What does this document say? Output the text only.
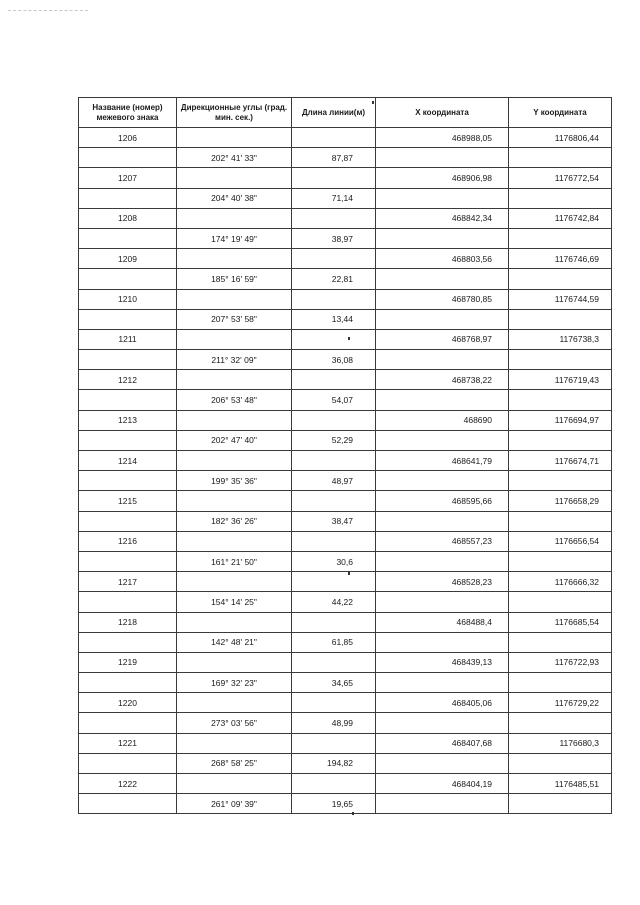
Название (номер) межевого знака	Дирекционные углы (град. мин. сек.)	Длина линии(м)	X координата	Y координата
1206			468988,05	1176806,44
	202° 41' 33"	87,87		
1207			468906,98	1176772,54
	204° 40' 38"	71,14		
1208			468842,34	1176742,84
	174° 19' 49"	38,97		
1209			468803,56	1176746,69
	185° 16' 59"	22,81		
1210			468780,85	1176744,59
	207° 53' 58"	13,44		
1211			468768,97	1176738,3
	211° 32' 09"	36,08		
1212			468738,22	1176719,43
	206° 53' 48"	54,07		
1213			468690	1176694,97
	202° 47' 40"	52,29		
1214			468641,79	1176674,71
	199° 35' 36"	48,97		
1215			468595,66	1176658,29
	182° 36' 26"	38,47		
1216			468557,23	1176656,54
	161° 21' 50"	30,6		
1217			468528,23	1176666,32
	154° 14' 25"	44,22		
1218			468488,4	1176685,54
	142° 48' 21"	61,85		
1219			468439,13	1176722,93
	169° 32' 23"	34,65		
1220			468405,06	1176729,22
	273° 03' 56"	48,99		
1221			468407,68	1176680,3
	268° 58' 25"	194,82		
1222			468404,19	1176485,51
	261° 09' 39"	19,65		
